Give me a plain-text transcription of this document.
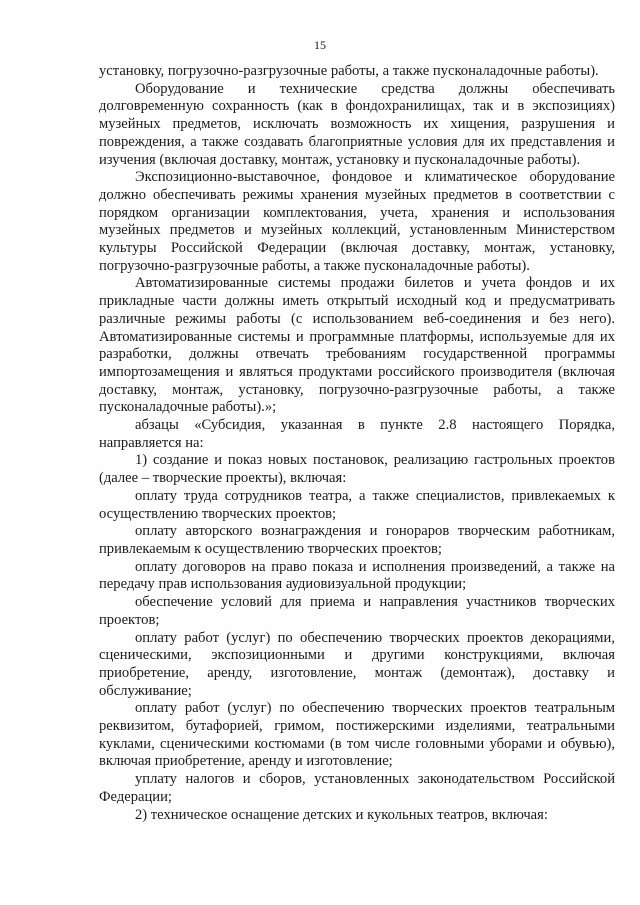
15

установку, погрузочно-разгрузочные работы, а также пусконаладочные работы).

Оборудование и технические средства должны обеспечивать долговременную сохранность (как в фондохранилищах, так и в экспозициях) музейных предметов, исключать возможность их хищения, разрушения и повреждения, а также создавать благоприятные условия для их представления и изучения (включая доставку, монтаж, установку и пусконаладочные работы).

Экспозиционно-выставочное, фондовое и климатическое оборудование должно обеспечивать режимы хранения музейных предметов в соответствии с порядком организации комплектования, учета, хранения и использования музейных предметов и музейных коллекций, установленным Министерством культуры Российской Федерации (включая доставку, монтаж, установку, погрузочно-разгрузочные работы, а также пусконаладочные работы).

Автоматизированные системы продажи билетов и учета фондов и их прикладные части должны иметь открытый исходный код и предусматривать различные режимы работы (с использованием веб-соединения и без него). Автоматизированные системы и программные платформы, используемые для их разработки, должны отвечать требованиям государственной программы импортозамещения и являться продуктами российского производителя (включая доставку, монтаж, установку, погрузочно-разгрузочные работы, а также пусконаладочные работы).»;

абзацы «Субсидия, указанная в пункте 2.8 настоящего Порядка, направляется на:

1) создание и показ новых постановок, реализацию гастрольных проектов (далее – творческие проекты), включая:

оплату труда сотрудников театра, а также специалистов, привлекаемых к осуществлению творческих проектов;

оплату авторского вознаграждения и гонораров творческим работникам, привлекаемым к осуществлению творческих проектов;

оплату договоров на право показа и исполнения произведений, а также на передачу прав использования аудиовизуальной продукции;

обеспечение условий для приема и направления участников творческих проектов;

оплату работ (услуг) по обеспечению творческих проектов декорациями, сценическими, экспозиционными и другими конструкциями, включая приобретение, аренду, изготовление, монтаж (демонтаж), доставку и обслуживание;

оплату работ (услуг) по обеспечению творческих проектов театральным реквизитом, бутафорией, гримом, постижерскими изделиями, театральными куклами, сценическими костюмами (в том числе головными уборами и обувью), включая приобретение, аренду и изготовление;

уплату налогов и сборов, установленных законодательством Российской Федерации;

2) техническое оснащение детских и кукольных театров, включая:
